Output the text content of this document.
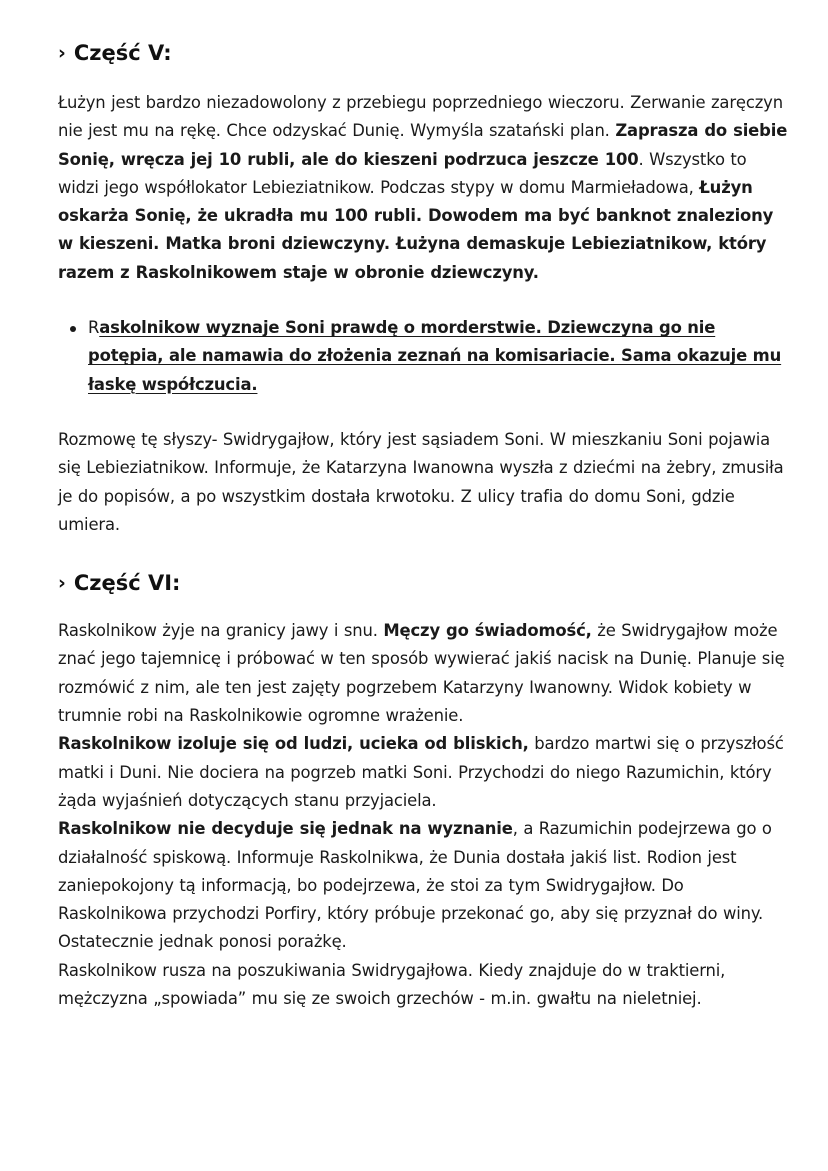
› Część V:

Łużyn jest bardzo niezadowolony z przebiegu poprzedniego wieczoru. Zerwanie zaręczyn nie jest mu na rękę. Chce odzyskać Dunię. Wymyśla szatański plan. Zaprasza do siebie Sonię, wręcza jej 10 rubli, ale do kieszeni podrzuca jeszcze 100. Wszystko to widzi jego współlokator Lebieziatnikow. Podczas stypy w domu Marmieładowa, Łużyn oskarża Sonię, że ukradła mu 100 rubli. Dowodem ma być banknot znaleziony w kieszeni. Matka broni dziewczyny. Łużyna demaskuje Lebieziatnikow, który razem z Raskolnikowem staje w obronie dziewczyny.

Raskolnikow wyznaje Soni prawdę o morderstwie. Dziewczyna go nie potępia, ale namawia do złożenia zeznań na komisariacie. Sama okazuje mu łaskę współczucia.

Rozmowę tę słyszy- Swidrygajłow, który jest sąsiadem Soni. W mieszkaniu Soni pojawia się Lebieziatnikow. Informuje, że Katarzyna Iwanowna wyszła z dziećmi na żebry, zmusiła je do popisów, a po wszystkim dostała krwotoku. Z ulicy trafia do domu Soni, gdzie umiera.

› Część VI:

Raskolnikow żyje na granicy jawy i snu. Męczy go świadomość, że Swidrygajłow może znać jego tajemnicę i próbować w ten sposób wywierać jakiś nacisk na Dunię. Planuje się rozmówić z nim, ale ten jest zajęty pogrzebem Katarzyny Iwanowny. Widok kobiety w trumnie robi na Raskolnikowie ogromne wrażenie.
Raskolnikow izoluje się od ludzi, ucieka od bliskich, bardzo martwi się o przyszłość matki i Duni. Nie dociera na pogrzeb matki Soni. Przychodzi do niego Razumichin, który żąda wyjaśnień dotyczących stanu przyjaciela.
Raskolnikow nie decyduje się jednak na wyznanie, a Razumichin podejrzewa go o działalność spiskową. Informuje Raskolnikwa, że Dunia dostała jakiś list. Rodion jest zaniepokojony tą informacją, bo podejrzewa, że stoi za tym Swidrygajłow. Do Raskolnikowa przychodzi Porfiry, który próbuje przekonać go, aby się przyznał do winy. Ostatecznie jednak ponosi porażkę.
Raskolnikow rusza na poszukiwania Swidrygajłowa. Kiedy znajduje do w traktierni, mężczyzna „spowiada” mu się ze swoich grzechów - m.in. gwałtu na nieletniej.
